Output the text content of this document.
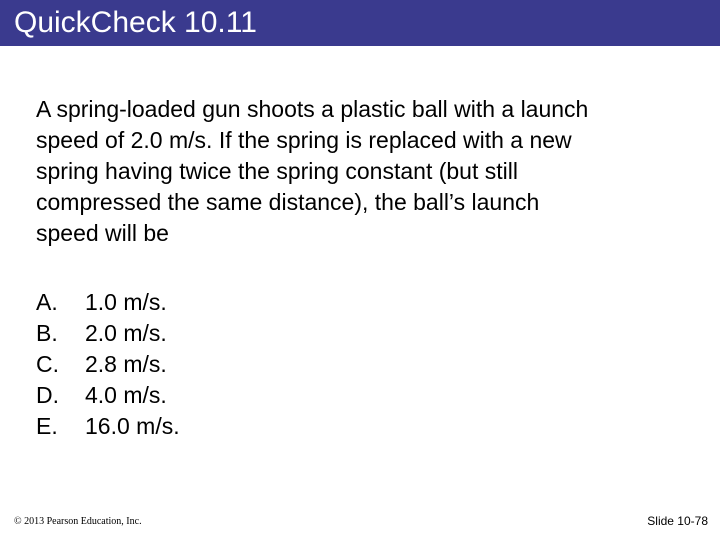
QuickCheck 10.11
A spring-loaded gun shoots a plastic ball with a launch
speed of 2.0 m/s. If the spring is replaced with a new
spring having twice the spring constant (but still
compressed the same distance), the ball’s launch
speed will be
A.	1.0 m/s.
B.	2.0 m/s.
C.	2.8 m/s.
D.	4.0 m/s.
E.	16.0 m/s.
© 2013 Pearson Education, Inc.	Slide 10-78
